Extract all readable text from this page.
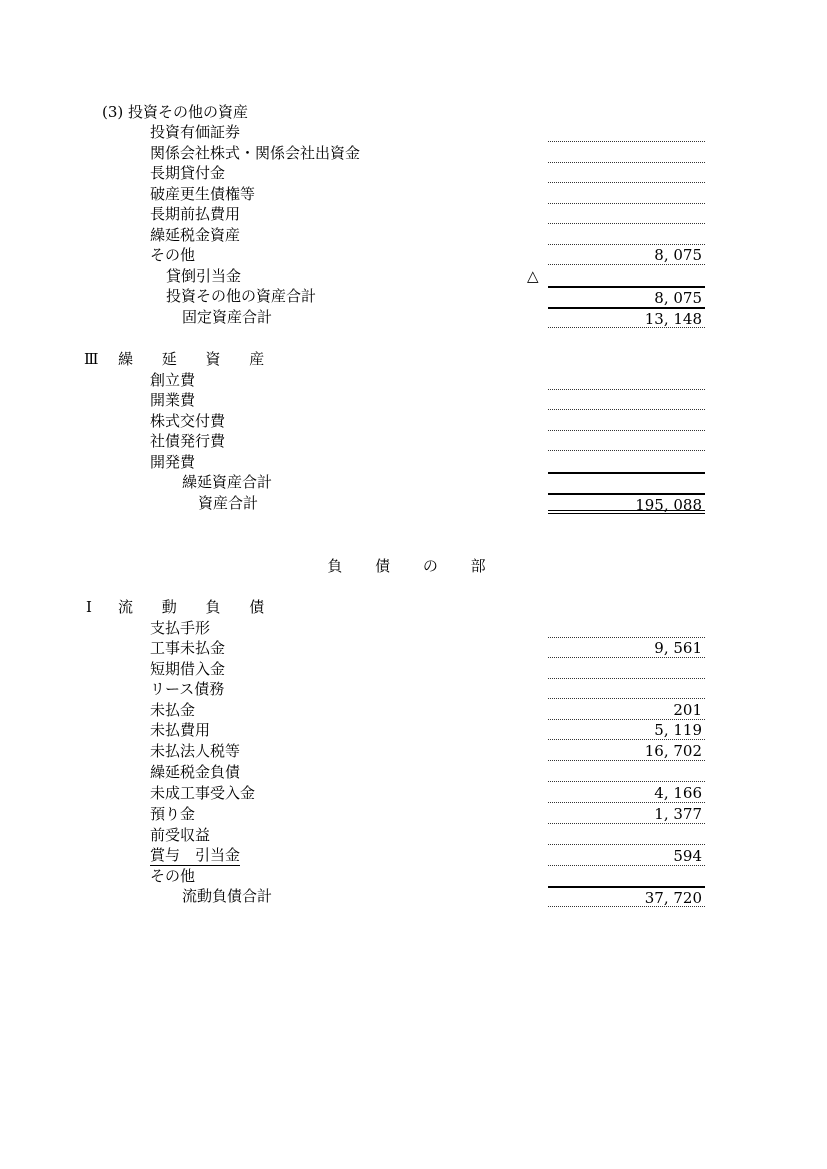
(3) 投資その他の資産
投資有価証券
関係会社株式・関係会社出資金
長期貸付金
破産更生債権等
長期前払費用
繰延税金資産
その他	8, 075
貸倒引当金	△
投資その他の資産合計	8, 075
固定資産合計	13, 148
Ⅲ 繰 延 資 産
創立費
開業費
株式交付費
社債発行費
開発費
繰延資産合計
資産合計	195, 088
負 債 の 部
Ⅰ 流 動 負 債
支払手形
工事未払金	9, 561
短期借入金
リース債務
未払金	201
未払費用	5, 119
未払法人税等	16, 702
繰延税金負債
未成工事受入金	4, 166
預り金	1, 377
前受収益
賞与　引当金	594
その他
流動負債合計	37, 720
